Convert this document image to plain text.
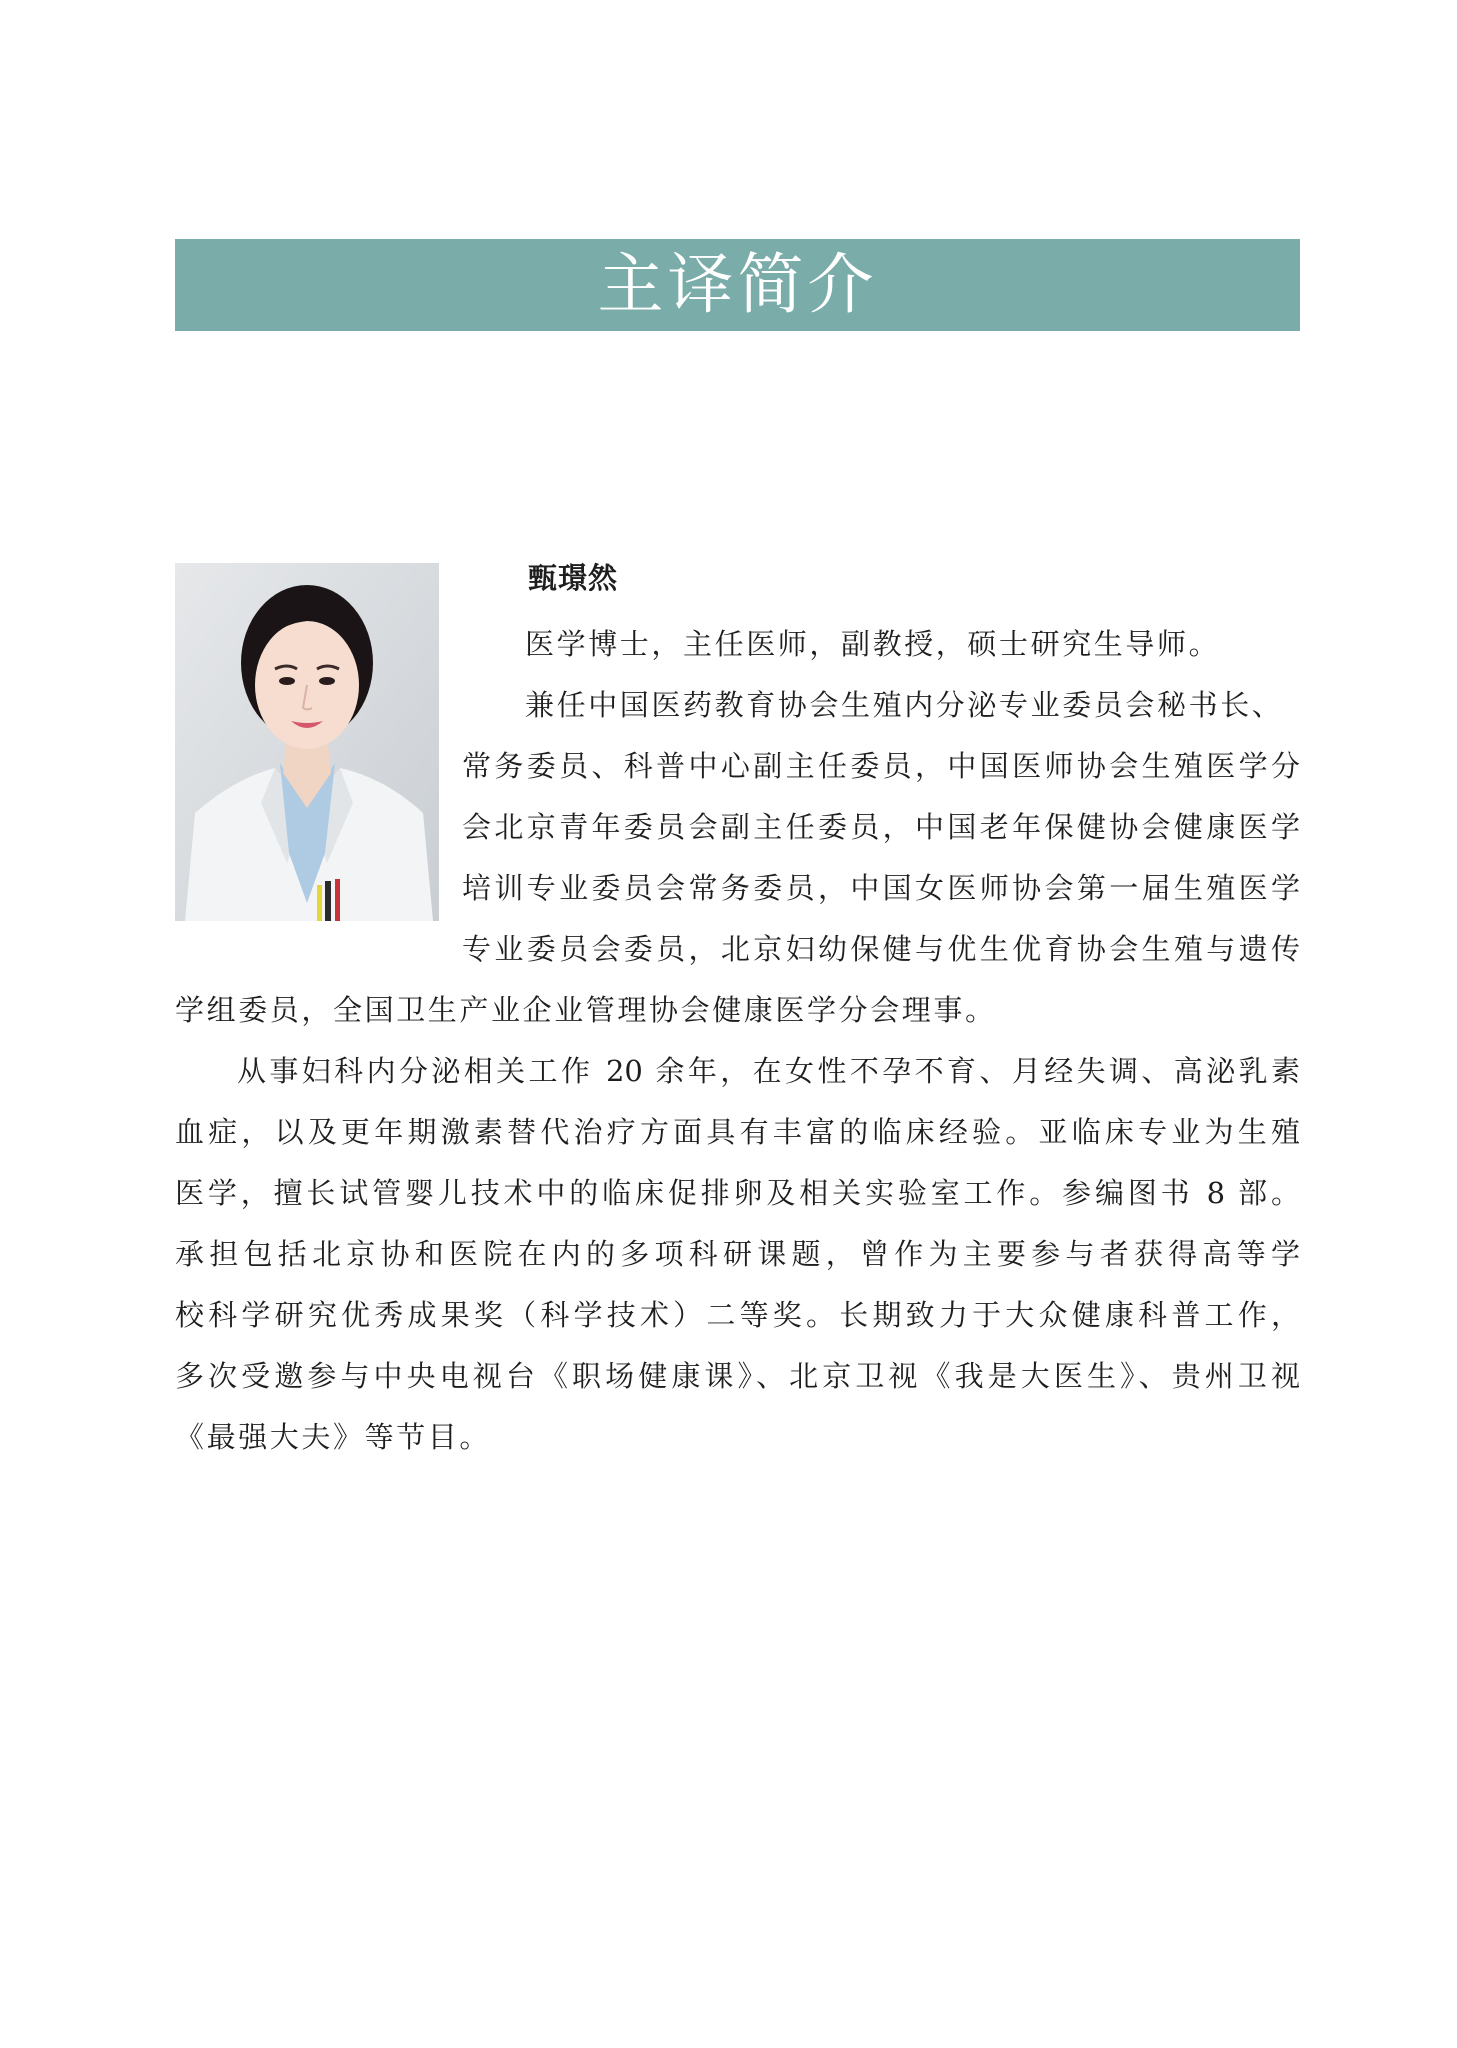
主译简介
甄璟然
医学博士，主任医师，副教授，硕士研究生导师。
兼任中国医药教育协会生殖内分泌专业委员会秘书长、
常务委员、科普中心副主任委员，中国医师协会生殖医学分
会北京青年委员会副主任委员，中国老年保健协会健康医学
培训专业委员会常务委员，中国女医师协会第一届生殖医学
专业委员会委员，北京妇幼保健与优生优育协会生殖与遗传
学组委员，全国卫生产业企业管理协会健康医学分会理事。
从事妇科内分泌相关工作 20 余年，在女性不孕不育、月经失调、高泌乳素
血症，以及更年期激素替代治疗方面具有丰富的临床经验。亚临床专业为生殖
医学，擅长试管婴儿技术中的临床促排卵及相关实验室工作。参编图书 8 部。
承担包括北京协和医院在内的多项科研课题，曾作为主要参与者获得高等学
校科学研究优秀成果奖（科学技术）二等奖。长期致力于大众健康科普工作，
多次受邀参与中央电视台《职场健康课》、北京卫视《我是大医生》、贵州卫视
《最强大夫》等节目。
